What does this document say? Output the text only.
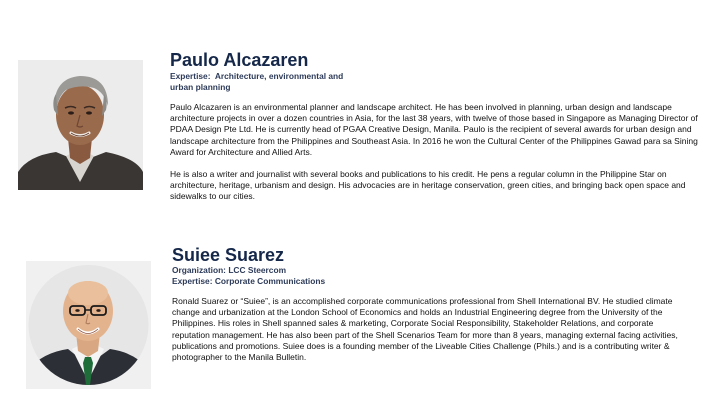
Paulo Alcazaren

Expertise: Architecture, environmental and urban planning

Paulo Alcazaren is an environmental planner and landscape architect. He has been involved in planning, urban design and landscape architecture projects in over a dozen countries in Asia, for the last 38 years, with twelve of those based in Singapore as Managing Director of PDAA Design Pte Ltd. He is currently head of PGAA Creative Design, Manila. Paulo is the recipient of several awards for urban design and landscape architecture from the Philippines and Southeast Asia. In 2016 he won the Cultural Center of the Philippines Gawad para sa Sining Award for Architecture and Allied Arts.

He is also a writer and journalist with several books and publications to his credit. He pens a regular column in the Philippine Star on architecture, heritage, urbanism and design. His advocacies are in heritage conservation, green cities, and bringing back open space and sidewalks to our cities.

Suiee Suarez

Organization: LCC Steercom

Expertise: Corporate Communications

Ronald Suarez or “Suiee”, is an accomplished corporate communications professional from Shell International BV. He studied climate change and urbanization at the London School of Economics and holds an Industrial Engineering degree from the University of the Philippines. His roles in Shell spanned sales & marketing, Corporate Social Responsibility, Stakeholder Relations, and corporate reputation management. He has also been part of the Shell Scenarios Team for more than 8 years, managing external facing activities, publications and promotions. Suiee does is a founding member of the Liveable Cities Challenge (Phils.) and is a contributing writer & photographer to the Manila Bulletin.
